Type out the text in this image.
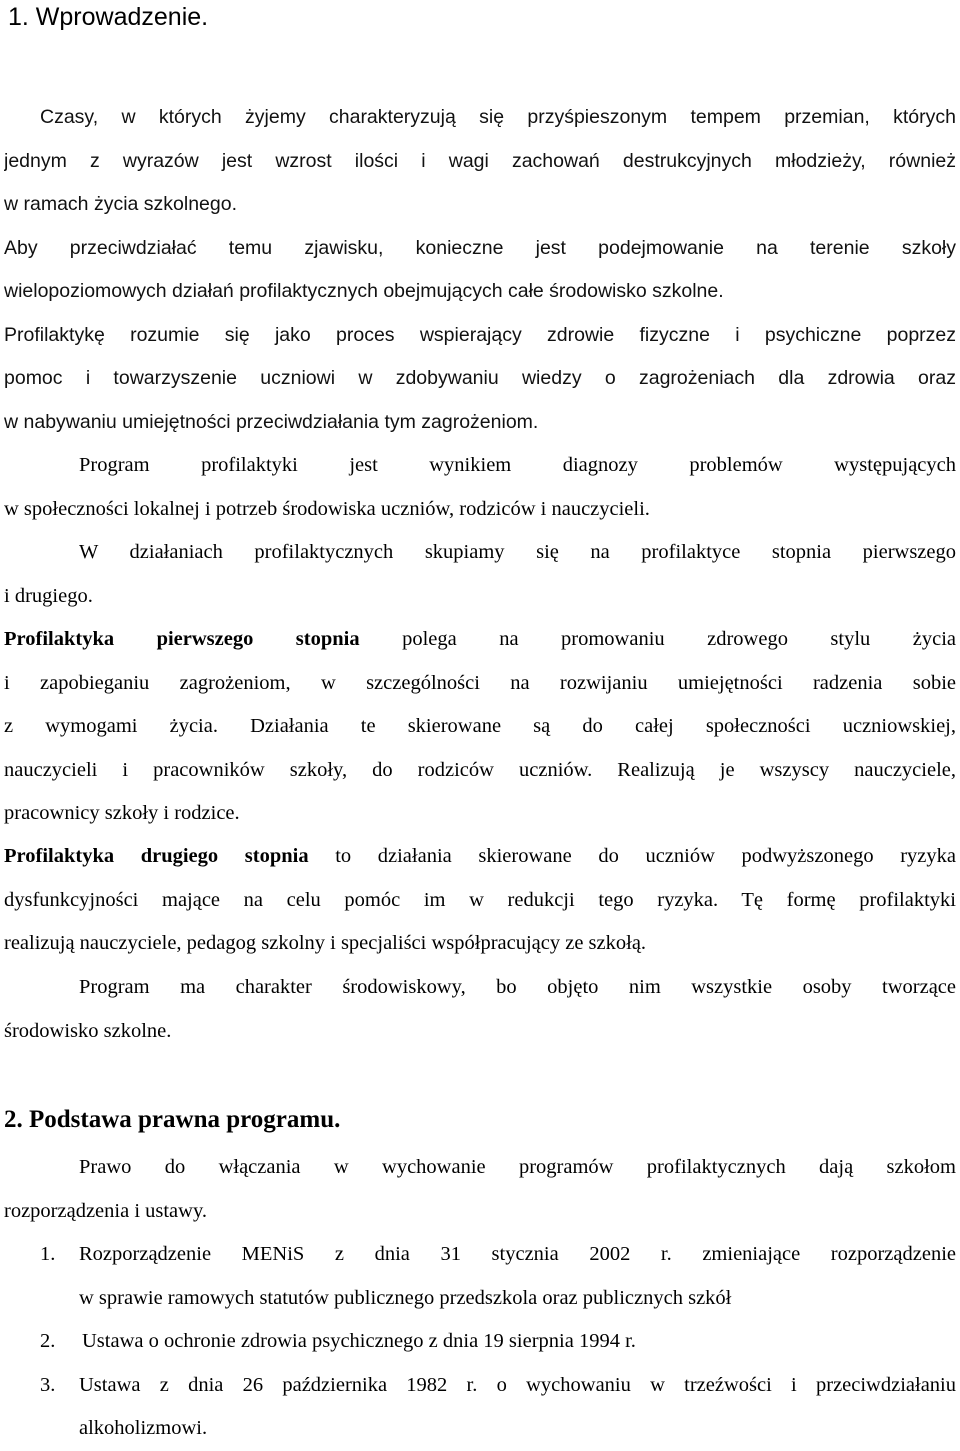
1. Wprowadzenie.
Czasy, w których żyjemy charakteryzują się przyśpieszonym tempem przemian, których
jednym z wyrazów jest wzrost ilości i wagi zachowań destrukcyjnych młodzieży, również
w ramach życia szkolnego.
Aby przeciwdziałać temu zjawisku, konieczne jest podejmowanie na terenie szkoły
wielopoziomowych działań profilaktycznych obejmujących całe środowisko szkolne.
Profilaktykę rozumie się jako proces wspierający zdrowie fizyczne i psychiczne poprzez
pomoc i towarzyszenie uczniowi w zdobywaniu wiedzy o zagrożeniach dla zdrowia oraz
w nabywaniu umiejętności przeciwdziałania tym zagrożeniom.
Program profilaktyki jest wynikiem diagnozy problemów występujących
w społeczności lokalnej i potrzeb środowiska uczniów, rodziców i nauczycieli.
W działaniach profilaktycznych skupiamy się na profilaktyce stopnia pierwszego
i drugiego.
Profilaktyka pierwszego stopnia polega na promowaniu zdrowego stylu życia
i zapobieganiu zagrożeniom, w szczególności na rozwijaniu umiejętności radzenia sobie
z wymogami życia. Działania te skierowane są do całej społeczności uczniowskiej,
nauczycieli i pracowników szkoły, do rodziców uczniów. Realizują je wszyscy nauczyciele,
pracownicy szkoły i rodzice.
Profilaktyka drugiego stopnia to działania skierowane do uczniów podwyższonego ryzyka
dysfunkcyjności mające na celu pomóc im w redukcji tego ryzyka. Tę formę profilaktyki
realizują nauczyciele, pedagog szkolny i specjaliści współpracujący ze szkołą.
Program ma charakter środowiskowy, bo objęto nim wszystkie osoby tworzące
środowisko szkolne.
2. Podstawa prawna programu.
Prawo do włączania w wychowanie programów profilaktycznych dają szkołom
rozporządzenia i ustawy.
1. Rozporządzenie MENiS z dnia 31 stycznia 2002 r. zmieniające rozporządzenie
w sprawie ramowych statutów publicznego przedszkola oraz publicznych szkół
2. Ustawa o ochronie zdrowia psychicznego z dnia 19 sierpnia 1994 r.
3. Ustawa z dnia 26 października 1982 r. o wychowaniu w trzeźwości i przeciwdziałaniu
alkoholizmowi.
